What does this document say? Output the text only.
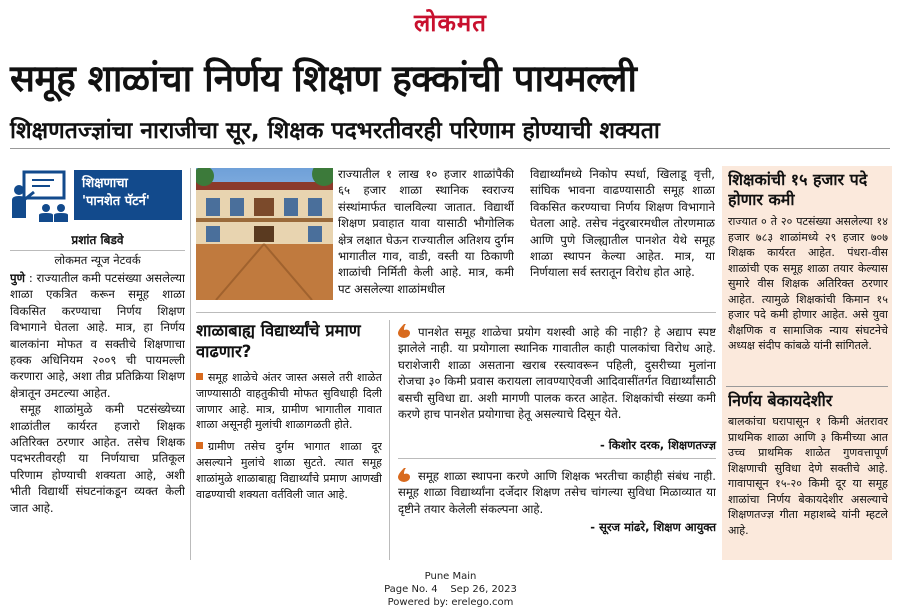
लोकमत
समूह शाळांचा निर्णय शिक्षण हक्कांची पायमल्ली
शिक्षणतज्ज्ञांचा नाराजीचा सूर, शिक्षक पदभरतीवरही परिणाम होण्याची शक्यता
शिक्षणाचा
'पानशेत पॅटर्न'
प्रशांत बिडवे
लोकमत न्यूज नेटवर्क

पुणे : राज्यातील कमी पटसंख्या असलेल्या शाळा एकत्रित करून समूह शाळा विकसित करण्याचा निर्णय शिक्षण विभागाने घेतला आहे. मात्र, हा निर्णय बालकांना मोफत व सक्तीचे शिक्षणाचा हक्क अधिनियम २००९ ची पायमल्ली करणारा आहे, अशा तीव्र प्रतिक्रिया शिक्षण क्षेत्रातून उमटल्या आहेत.

समूह शाळांमुळे कमी पटसंख्येच्या शाळांतील कार्यरत हजारो शिक्षक अतिरिक्त ठरणार आहेत. तसेच शिक्षक पदभरतीवरही या निर्णयाचा प्रतिकूल परिणाम होण्याची शक्यता आहे, अशी भीती विद्यार्थी संघटनांकडून व्यक्त केली जात आहे.

राज्यातील १ लाख १० हजार शाळांपैकी ६५ हजार शाळा स्थानिक स्वराज्य संस्थांमार्फत चालविल्या जातात. विद्यार्थी शिक्षण प्रवाहात यावा यासाठी भौगोलिक क्षेत्र लक्षात घेऊन राज्यातील अतिशय दुर्गम भागातील गाव, वाडी, वस्ती या ठिकाणी शाळांची निर्मिती केली आहे. मात्र, कमी पट असलेल्या शाळांमधील
विद्यार्थ्यांमध्ये निकोप स्पर्धा, खिलाडू वृत्ती, सांघिक भावना वाढण्यासाठी समूह शाळा विकसित करण्याचा निर्णय शिक्षण विभागाने घेतला आहे. तसेच नंदुरबारमधील तोरणमाळ आणि पुणे जिल्ह्यातील पानशेत येथे समूह शाळा स्थापन केल्या आहेत. मात्र, या निर्णयाला सर्व स्तरातून विरोध होत आहे.
शाळाबाह्य विद्यार्थ्यांचे प्रमाण वाढणार?
समूह शाळेचे अंतर जास्त असले तरी शाळेत जाण्यासाठी वाहतुकीची मोफत सुविधाही दिली जाणार आहे. मात्र, ग्रामीण भागातील गावात शाळा असूनही मुलांची शाळागळती होते.
ग्रामीण तसेच दुर्गम भागात शाळा दूर असल्याने मुलांचे शाळा सुटते. त्यात समूह शाळांमुळे शाळाबाह्य विद्यार्थ्यांचे प्रमाण आणखी वाढण्याची शक्यता वर्तविली जात आहे.
पानशेत समूह शाळेचा प्रयोग यशस्वी आहे की नाही? हे अद्याप स्पष्ट झालेले नाही. या प्रयोगाला स्थानिक गावातील काही पालकांचा विरोध आहे. घराशेजारी शाळा असताना खराब रस्त्यावरून पहिली, दुसरीच्या मुलांना रोजचा ३० किमी प्रवास करायला लावण्याऐवजी आदिवासींतर्गत विद्यार्थ्यांसाठी बसची सुविधा द्या. अशी मागणी पालक करत आहेत. शिक्षकांची संख्या कमी करणे हाच पानशेत प्रयोगाचा हेतू असल्याचे दिसून येते.
- किशोर दरक, शिक्षणतज्ज्ञ
समूह शाळा स्थापना करणे आणि शिक्षक भरतीचा काहीही संबंध नाही. समूह शाळा विद्यार्थ्यांना दर्जेदार शिक्षण तसेच चांगल्या सुविधा मिळाव्यात या दृष्टीने तयार केलेली संकल्पना आहे.
- सूरज मांढरे, शिक्षण आयुक्त
शिक्षकांची १५ हजार पदे होणार कमी
राज्यात ० ते २० पटसंख्या असलेल्या १४ हजार ७८३ शाळांमध्ये २९ हजार ७०७ शिक्षक कार्यरत आहेत. पंधरा-वीस शाळांची एक समूह शाळा तयार केल्यास सुमारे वीस शिक्षक अतिरिक्त ठरणार आहेत. त्यामुळे शिक्षकांची किमान १५ हजार पदे कमी होणार आहेत. असे युवा शैक्षणिक व सामाजिक न्याय संघटनेचे अध्यक्ष संदीप कांबळे यांनी सांगितले.
निर्णय बेकायदेशीर
बालकांचा घरापासून १ किमी अंतरावर प्राथमिक शाळा आणि ३ किमीच्या आत उच्च प्राथमिक शाळेत गुणवत्तापूर्ण शिक्षणाची सुविधा देणे सक्तीचे आहे. गावापासून १५-२० किमी दूर या समूह शाळांचा निर्णय बेकायदेशीर असल्याचे शिक्षणतज्ज्ञ गीता महाशब्दे यांनी म्हटले आहे.
Pune Main
Page No. 4    Sep 26, 2023
Powered by: erelego.com
